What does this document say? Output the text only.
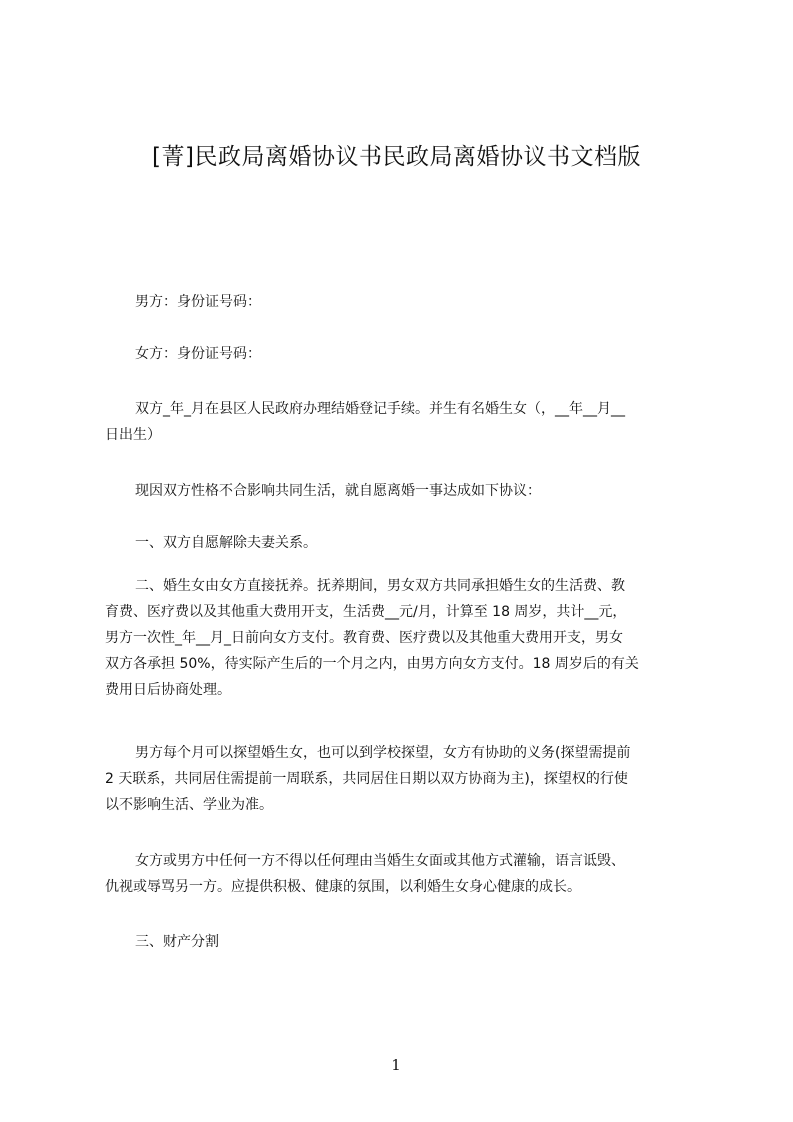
[菁]民政局离婚协议书民政局离婚协议书文档版
男方：身份证号码：
女方：身份证号码：
双方_年_月在县区人民政府办理结婚登记手续。并生有名婚生女（，__年__月__
日出生）
现因双方性格不合影响共同生活，就自愿离婚一事达成如下协议：
一、双方自愿解除夫妻关系。
二、婚生女由女方直接抚养。抚养期间，男女双方共同承担婚生女的生活费、教
育费、医疗费以及其他重大费用开支，生活费__元/月，计算至 18 周岁，共计__元，
男方一次性_年__月_日前向女方支付。教育费、医疗费以及其他重大费用开支，男女
双方各承担 50%，待实际产生后的一个月之内，由男方向女方支付。18 周岁后的有关
费用日后协商处理。
男方每个月可以探望婚生女，也可以到学校探望，女方有协助的义务(探望需提前
2 天联系，共同居住需提前一周联系，共同居住日期以双方协商为主)，探望权的行使
以不影响生活、学业为准。
女方或男方中任何一方不得以任何理由当婚生女面或其他方式灌输，语言诋毁、
仇视或辱骂另一方。应提供积极、健康的氛围，以利婚生女身心健康的成长。
三、财产分割
1
